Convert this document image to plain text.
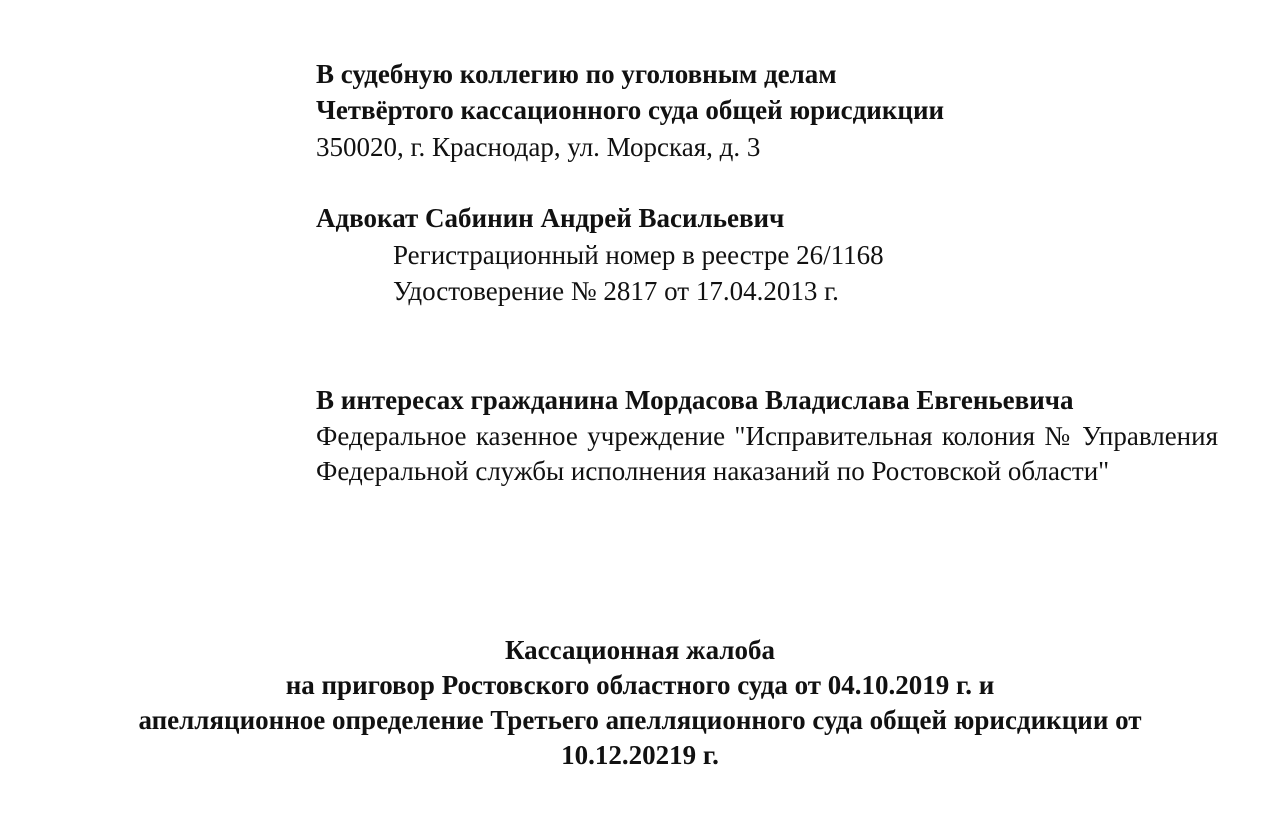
В судебную коллегию по уголовным делам
Четвёртого кассационного суда общей юрисдикции
350020, г. Краснодар, ул. Морская, д. 3
Адвокат Сабинин Андрей Васильевич
Регистрационный номер в реестре 26/1168
Удостоверение № 2817 от 17.04.2013 г.
В интересах гражданина Мордасова Владислава Евгеньевича
Федеральное казенное учреждение "Исправительная колония № Управления Федеральной службы исполнения наказаний по Ростовской области"
Кассационная жалоба
на приговор Ростовского областного суда от 04.10.2019 г. и
апелляционное определение Третьего апелляционного суда общей юрисдикции от
10.12.20219 г.
